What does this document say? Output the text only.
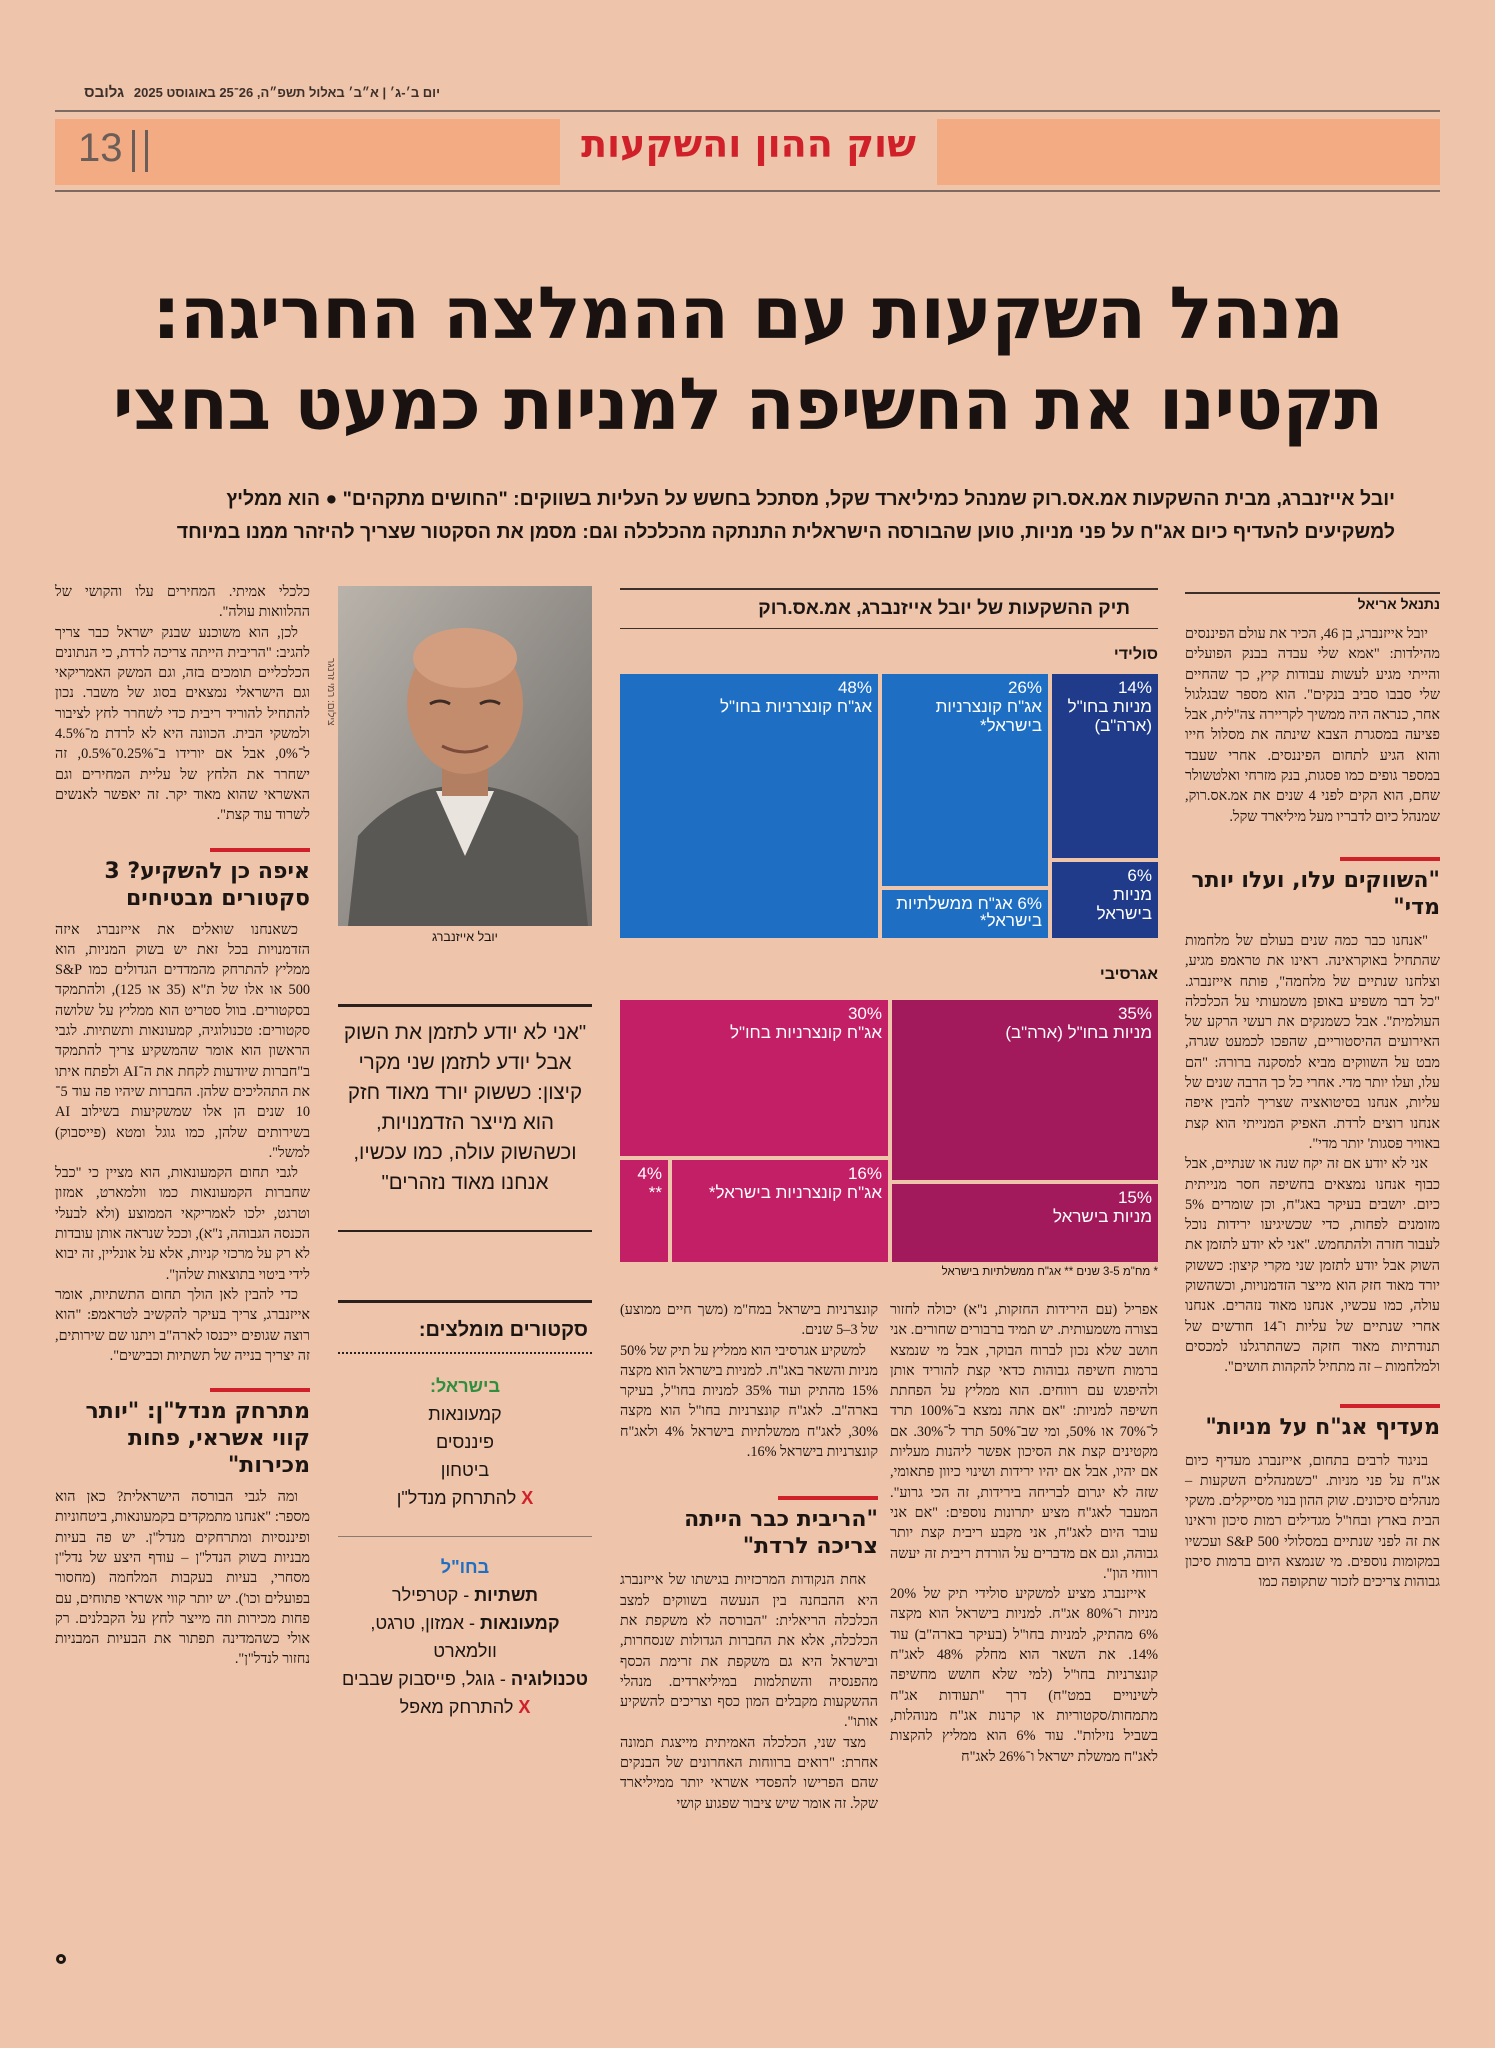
יום ב׳-ג׳ | א״ב׳ באלול תשפ״ה, 26־25 באוגוסט 2025 גלובס
13	שוק ההון והשקעות
מנהל השקעות עם ההמלצה החריגה:
תקטינו את החשיפה למניות כמעט בחצי
יובל אייזנברג, מבית ההשקעות אמ.אס.רוק שמנהל כמיליארד שקל, מסתכל בחשש על העליות בשווקים: "החושים מתקהים" ● הוא ממליץ
למשקיעים להעדיף כיום אג"ח על פני מניות, טוען שהבורסה הישראלית התנתקה מהכלכלה וגם: מסמן את הסקטור שצריך להיזהר ממנו במיוחד
נתנאל אריאל

יובל אייזנברג, בן 46, הכיר את עולם הפיננסים מהילדות: "אמא שלי עבדה בבנק הפועלים והייתי מגיע לעשות עבודות קיץ, כך שהחיים שלי סבבו סביב בנקים". הוא מספר שבגלגול אחר, כנראה היה ממשיך לקריירה צה"לית, אבל פציעה במסגרת הצבא שינתה את מסלול חייו והוא הגיע לתחום הפיננסים. אחרי שעבד במספר גופים כמו פסגות, בנק מזרחי ואלטשולר שחם, הוא הקים לפני 4 שנים את אמ.אס.רוק, שמנהל כיום לדבריו מעל מיליארד שקל.

"השווקים עלו, ועלו יותר מדי"

"אנחנו כבר כמה שנים בעולם של מלחמות שהתחיל באוקראינה. ראינו את טראמפ מגיע, וצלחנו שנתיים של מלחמה", פותח אייזנברג. "כל דבר משפיע באופן משמעותי על הכלכלה העולמית". אבל כשמנקים את רעשי הרקע של האירועים ההיסטוריים, שהפכו לכמעט שגרה, מבט על השווקים מביא למסקנה ברורה: "הם עלו, ועלו יותר מדי. אחרי כל כך הרבה שנים של עליות, אנחנו בסיטואציה שצריך להבין איפה אנחנו רוצים לרדת. האפיק המנייתי הוא קצת באוויר פסגות' יותר מדי".

אני לא יודע אם זה יקח שנה או שנתיים, אבל כבוף אנחנו נמצאים בחשיפה חסר מנייתית כיום. יושבים בעיקר באג"ח, וכן שומרים 5% מזומנים לפחות, כדי שכשיגיעו ירידות נוכל לעבור חזרה ולהתחמש. "אני לא יודע לתזמן את השוק אבל יודע לתזמן שני מקרי קיצון: כששוק יורד מאוד חזק הוא מייצר הזדמנויות, וכשהשוק עולה, כמו עכשיו, אנחנו מאוד נזהרים. אנחנו אחרי שנתיים של עליות ו־14 חודשים של תנודתיות מאוד חזקה כשהתרגלנו למכסים ולמלחמות – זה מתחיל להקהות חושים".

מעדיף אג"ח על מניות"

בניגוד לרבים בתחום, אייזנברג מעדיף כיום אג"ח על פני מניות. "כשמנהלים השקעות – מנהלים סיכונים. שוק ההון בנוי מסייקלים. משקי הבית בארץ ובחו"ל מגדילים רמות סיכון וראינו את זה לפני שנתיים במסלולי S&P 500 ועכשיו במקומות נוספים. מי שנמצא היום ברמות סיכון גבוהות צריכים לזכור שתקופה כמו

תיק ההשקעות של יובל אייזנברג, אמ.אס.רוק
סולידי
אגרסיבי
48%
אג"ח קונצרניות בחו"ל
26%
אג"ח קונצרניות בישראל*
14%
מניות בחו"ל (ארה"ב)
6% אג"ח ממשלתיות בישראל*
6%
מניות בישראל
35%
מניות בחו"ל (ארה"ב)
30%
אג"ח קונצרניות בחו"ל
16%
אג"ח קונצרניות בישראל*	15%
מניות בישראל
4%
**
* מח"מ 3-5 שנים ** אג"ח ממשלתיות בישראל

אפריל (עם הירידות החזקות, נ"א) יכולה לחזור בצורה משמעותית. יש תמיד ברבורים שחורים. אני חושב שלא נכון לברוח הבוקר, אבל מי שנמצא ברמות חשיפה גבוהות כדאי קצת להוריד אותן ולהיפגש עם רווחים. הוא ממליץ על הפחתת חשיפה למניות: "אם אתה נמצא ב־100% תרד ל־70% או 50%, ומי שב־50% תרד ל־30%. אם מקטינים קצת את הסיכון אפשר ליהנות מעליות אם יהיו, אבל אם יהיו ירידות ושינוי כיוון פתאומי, שזה לא יגרום לבריחה בירידות, זה הכי גרוע". המעבר לאג"ח מציע יתרונות נוספים: "אם אני עובר היום לאג"ח, אני מקבע ריבית קצת יותר גבוהה, וגם אם מדברים על הורדת ריבית זה יעשה רווחי הון".

אייזנברג מציע למשקיע סולידי תיק של 20% מניות ו־80% אג"ח. למניות בישראל הוא מקצה 6% מהתיק, למניות בחו"ל (בעיקר בארה"ב) עוד 14%. את השאר הוא מחלק 48% לאג"ח קונצרניות בחו"ל (למי שלא חושש מחשיפה לשינויים במט"ח) דרך "תעודות אג"ח מתמחות/סקטוריות או קרנות אג"ח מנוהלות, בשביל נזילות". עוד 6% הוא ממליץ להקצות לאג"ח ממשלת ישראל ו־26% לאג"ח

קונצרניות בישראל במח"מ (משך חיים ממוצע) של 3–5 שנים.

למשקיע אגרסיבי הוא ממליץ על תיק של 50% מניות והשאר באג"ח. למניות בישראל הוא מקצה 15% מהתיק ועוד 35% למניות בחו"ל, בעיקר בארה"ב. לאג"ח קונצרניות בחו"ל הוא מקצה 30%, לאג"ח ממשלתיות בישראל 4% ולאג"ח קונצרניות בישראל 16%.

"הריבית כבר הייתה צריכה לרדת"

אחת הנקודות המרכזיות בגישתו של אייזנברג היא ההבחנה בין הנעשה בשווקים למצב הכלכלה הריאלית: "הבורסה לא משקפת את הכלכלה, אלא את החברות הגדולות שנסחרות, ובישראל היא גם משקפת את זרימת הכסף מהפנסיה והשתלמות במיליארדים. מנהלי ההשקעות מקבלים המון כסף וצריכים להשקיע אותו".

מצד שני, הכלכלה האמיתית מייצגת תמונה אחרת: "רואים ברווחות האחרונים של הבנקים שהם הפרישו להפסדי אשראי יותר ממיליארד שקל. זה אומר שיש ציבור שפגוע קושי

צילום: רמי זרנגר
יובל אייזנברג
"אני לא יודע לתזמן את השוק אבל יודע לתזמן שני מקרי קיצון: כששוק יורד מאוד חזק הוא מייצר הזדמנויות, וכשהשוק עולה, כמו עכשיו, אנחנו מאוד נזהרים"
סקטורים מומלצים:
בישראל:
קמעונאות
פיננסים
ביטחון
X להתרחק מנדל"ן
בחו"ל
תשתיות - קטרפילר
קמעונאות - אמזון, טרגט, וולמארט
טכנולוגיה - גוגל, פייסבוק שבבים
X להתרחק מאפל

כלכלי אמיתי. המחירים עלו והקושי של ההלוואות עולה".

לכן, הוא משוכנע שבנק ישראל כבר צריך להגיב: "הריבית הייתה צריכה לרדת, כי הנתונים הכלכליים תומכים בזה, וגם המשק האמריקאי וגם הישראלי נמצאים בסוג של משבר. נכון להתחיל להוריד ריבית כדי לשחרר לחץ לציבור ולמשקי הבית. הכוונה היא לא לרדת מ־4.5% ל־0%, אבל אם יורידו ב־0.25%־0.5%, זה ישחרר את הלחץ של עליית המחירים וגם האשראי שהוא מאוד יקר. זה יאפשר לאנשים לשרוד עוד קצת".

איפה כן להשקיע? 3 סקטורים מבטיחים

כשאנחנו שואלים את אייזנברג איזה הזדמנויות בכל זאת יש בשוק המניות, הוא ממליץ להתרחק מהמדדים הגדולים כמו S&P 500 או אלו של ת"א (35 או 125), ולהתמקד בסקטורים. בוול סטריט הוא ממליץ על שלושה סקטורים: טכנולוגיה, קמעונאות ותשתיות. לגבי הראשון הוא אומר שהמשקיע צריך להתמקד ב"חברות שיודעות לקחת את ה־AI ולפתח איתו את התהליכים שלהן. החברות שיהיו פה עוד 5־10 שנים הן אלו שמשקיעות בשילוב AI בשירותים שלהן, כמו גוגל ומטא (פייסבוק) למשל".

לגבי תחום הקמעונאות, הוא מציין כי "כבל שחברות הקמעונאות כמו וולמארט, אמזון וטרגט, ילכו לאמריקאי הממוצע (ולא לבעלי הכנסה הגבוהה, נ"א), וככל שנראה אותן עובדות לא רק על מרכזי קניות, אלא על אונליין, זה יבוא לידי ביטוי בתוצאות שלהן".

כדי להבין לאן הולך תחום התשתיות, אומר אייזנברג, צריך בעיקר להקשיב לטראמפ: "הוא רוצה שגופים ייכנסו לארה"ב ויתנו שם שירותים, זה יצריך בנייה של תשתיות וכבישים".

מתרחק מנדל"ן: "יותר קווי אשראי, פחות מכירות"

ומה לגבי הבורסה הישראלית? כאן הוא מספר: "אנחנו מתמקדים בקמעונאות, ביטחוניות ופיננסיות ומתרחקים מנדל"ן. יש פה בעיות מבניות בשוק הנדל"ן – עודף היצע של נדל"ן מסחרי, בעיות בעקבות המלחמה (מחסור בפועלים וכו'). יש יותר קווי אשראי פתוחים, עם פחות מכירות וזה מייצר לחץ על הקבלנים. רק אולי כשהמדינה תפתור את הבעיות המבניות נחזור לנדל"ן".
